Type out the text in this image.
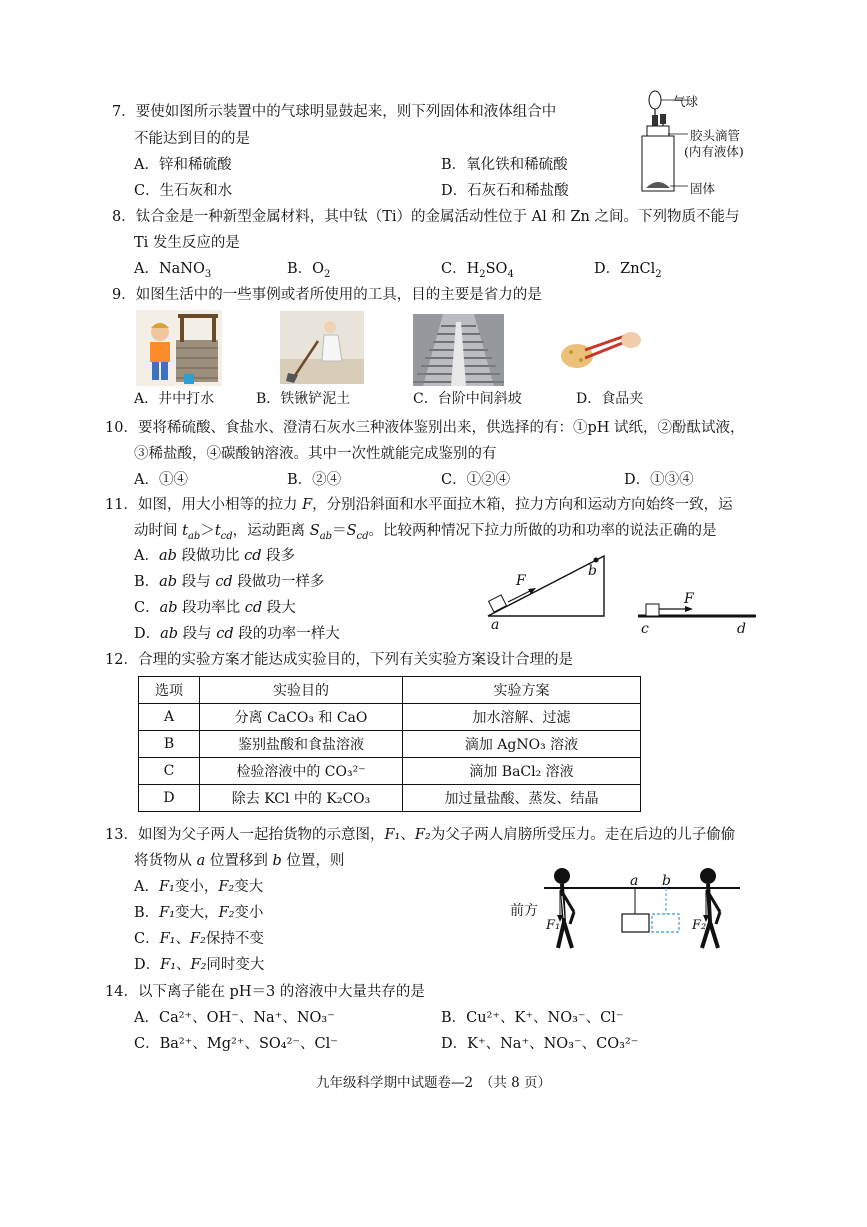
7．要使如图所示装置中的气球明显鼓起来，则下列固体和液体组合中
不能达到目的的是
A．锌和稀硫酸	B．氧化铁和稀硫酸
C．生石灰和水	D．石灰石和稀盐酸
气球
胶头滴管
(内有液体)
固体
8．钛合金是一种新型金属材料，其中钛（Ti）的金属活动性位于 Al 和 Zn 之间。下列物质不能与
Ti 发生反应的是
A．NaNO$_3$	B．$O_2$	C．$H_2SO_4$	D．ZnCl$_2$
9．如图生活中的一些事例或者所使用的工具，目的主要是省力的是
A．井中打水	B．铁锹铲泥土	C．台阶中间斜坡	D．食品夹
10．要将稀硫酸、食盐水、澄清石灰水三种液体鉴别出来，供选择的有：①pH 试纸，②酚酞试液，
③稀盐酸，④碳酸钠溶液。其中一次性就能完成鉴别的有
A．①④	B．②④	C．①②④	D．①③④
11．如图，用大小相等的拉力 F，分别沿斜面和水平面拉木箱，拉力方向和运动方向始终一致，运
动时间 $t_{ab}>t_{cd}$，运动距离 $S_{ab}=S_{cd}$。比较两种情况下拉力所做的功和功率的说法正确的是
A．ab 段做功比 cd 段多
B．ab 段与 cd 段做功一样多
C．ab 段功率比 cd 段大
D．ab 段与 cd 段的功率一样大
F
b
a
F
c	d
12．合理的实验方案才能达成实验目的，下列有关实验方案设计合理的是
选项	实验目的	实验方案
A	分离 CaCO₃ 和 CaO	加水溶解、过滤
B	鉴别盐酸和食盐溶液	滴加 AgNO₃ 溶液
C	检验溶液中的 CO₃²⁻	滴加 BaCl₂ 溶液
D	除去 KCl 中的 K₂CO₃	加过量盐酸、蒸发、结晶
13．如图为父子两人一起抬货物的示意图，F₁、F₂为父子两人肩膀所受压力。走在后边的儿子偷偷
将货物从 a 位置移到 b 位置，则
A．F₁变小，F₂变大
B．F₁变大，F₂变小
C．F₁、F₂保持不变
D．F₁、F₂同时变大
前方
a b
F₁	F₂
14．以下离子能在 pH＝3 的溶液中大量共存的是
A．Ca²⁺、OH⁻、Na⁺、NO₃⁻	B．Cu²⁺、K⁺、NO₃⁻、Cl⁻
C．Ba²⁺、Mg²⁺、SO₄²⁻、Cl⁻	D．K⁺、Na⁺、NO₃⁻、CO₃²⁻
九年级科学期中试题卷—2　（共 8 页）
